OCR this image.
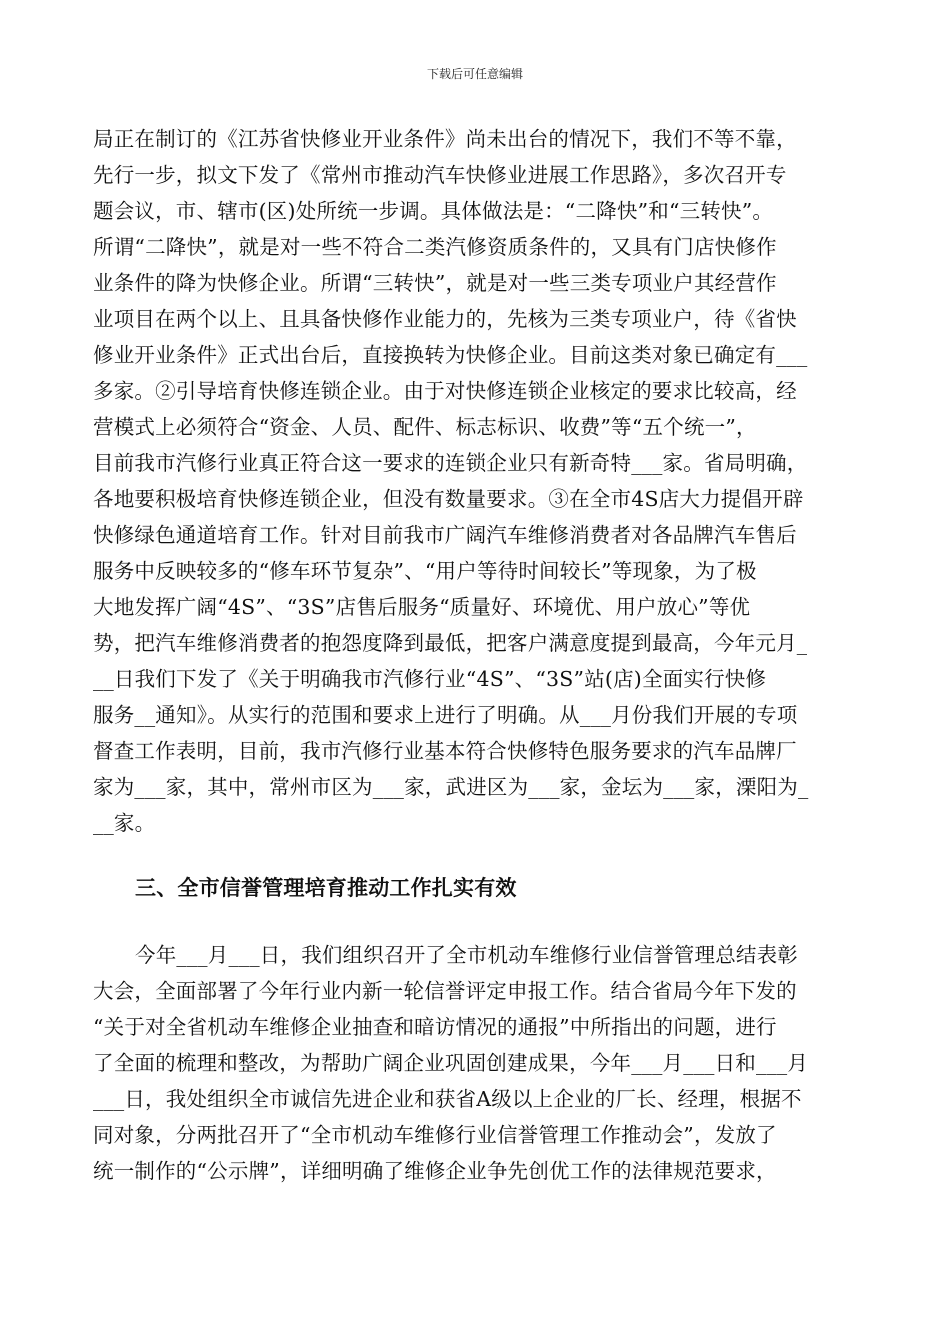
下载后可任意编辑
局正在制订的《江苏省快修业开业条件》尚未出台的情况下，我们不等不靠，
先行一步，拟文下发了《常州市推动汽车快修业进展工作思路》，多次召开专
题会议，市、辖市(区)处所统一步调。具体做法是：“二降快”和“三转快”。
所谓“二降快”，就是对一些不符合二类汽修资质条件的，又具有门店快修作
业条件的降为快修企业。所谓“三转快”，就是对一些三类专项业户其经营作
业项目在两个以上、且具备快修作业能力的，先核为三类专项业户，待《省快
修业开业条件》正式出台后，直接换转为快修企业。目前这类对象已确定有___
多家。②引导培育快修连锁企业。由于对快修连锁企业核定的要求比较高，经
营模式上必须符合“资金、人员、配件、标志标识、收费”等“五个统一”，
目前我市汽修行业真正符合这一要求的连锁企业只有新奇特___家。省局明确，
各地要积极培育快修连锁企业，但没有数量要求。③在全市4S店大力提倡开辟
快修绿色通道培育工作。针对目前我市广阔汽车维修消费者对各品牌汽车售后
服务中反映较多的“修车环节复杂”、“用户等待时间较长”等现象，为了极
大地发挥广阔“4S”、“3S”店售后服务“质量好、环境优、用户放心”等优
势，把汽车维修消费者的抱怨度降到最低，把客户满意度提到最高，今年元月_
__日我们下发了《关于明确我市汽修行业“4S”、“3S”站(店)全面实行快修
服务__通知》。从实行的范围和要求上进行了明确。从___月份我们开展的专项
督查工作表明，目前，我市汽修行业基本符合快修特色服务要求的汽车品牌厂
家为___家，其中，常州市区为___家，武进区为___家，金坛为___家，溧阳为_
__家。
三、全市信誉管理培育推动工作扎实有效
今年___月___日，我们组织召开了全市机动车维修行业信誉管理总结表彰
大会，全面部署了今年行业内新一轮信誉评定申报工作。结合省局今年下发的
“关于对全省机动车维修企业抽查和暗访情况的通报”中所指出的问题，进行
了全面的梳理和整改，为帮助广阔企业巩固创建成果，今年___月___日和___月
___日，我处组织全市诚信先进企业和获省A级以上企业的厂长、经理，根据不
同对象，分两批召开了“全市机动车维修行业信誉管理工作推动会”，发放了
统一制作的“公示牌”，详细明确了维修企业争先创优工作的法律规范要求，
